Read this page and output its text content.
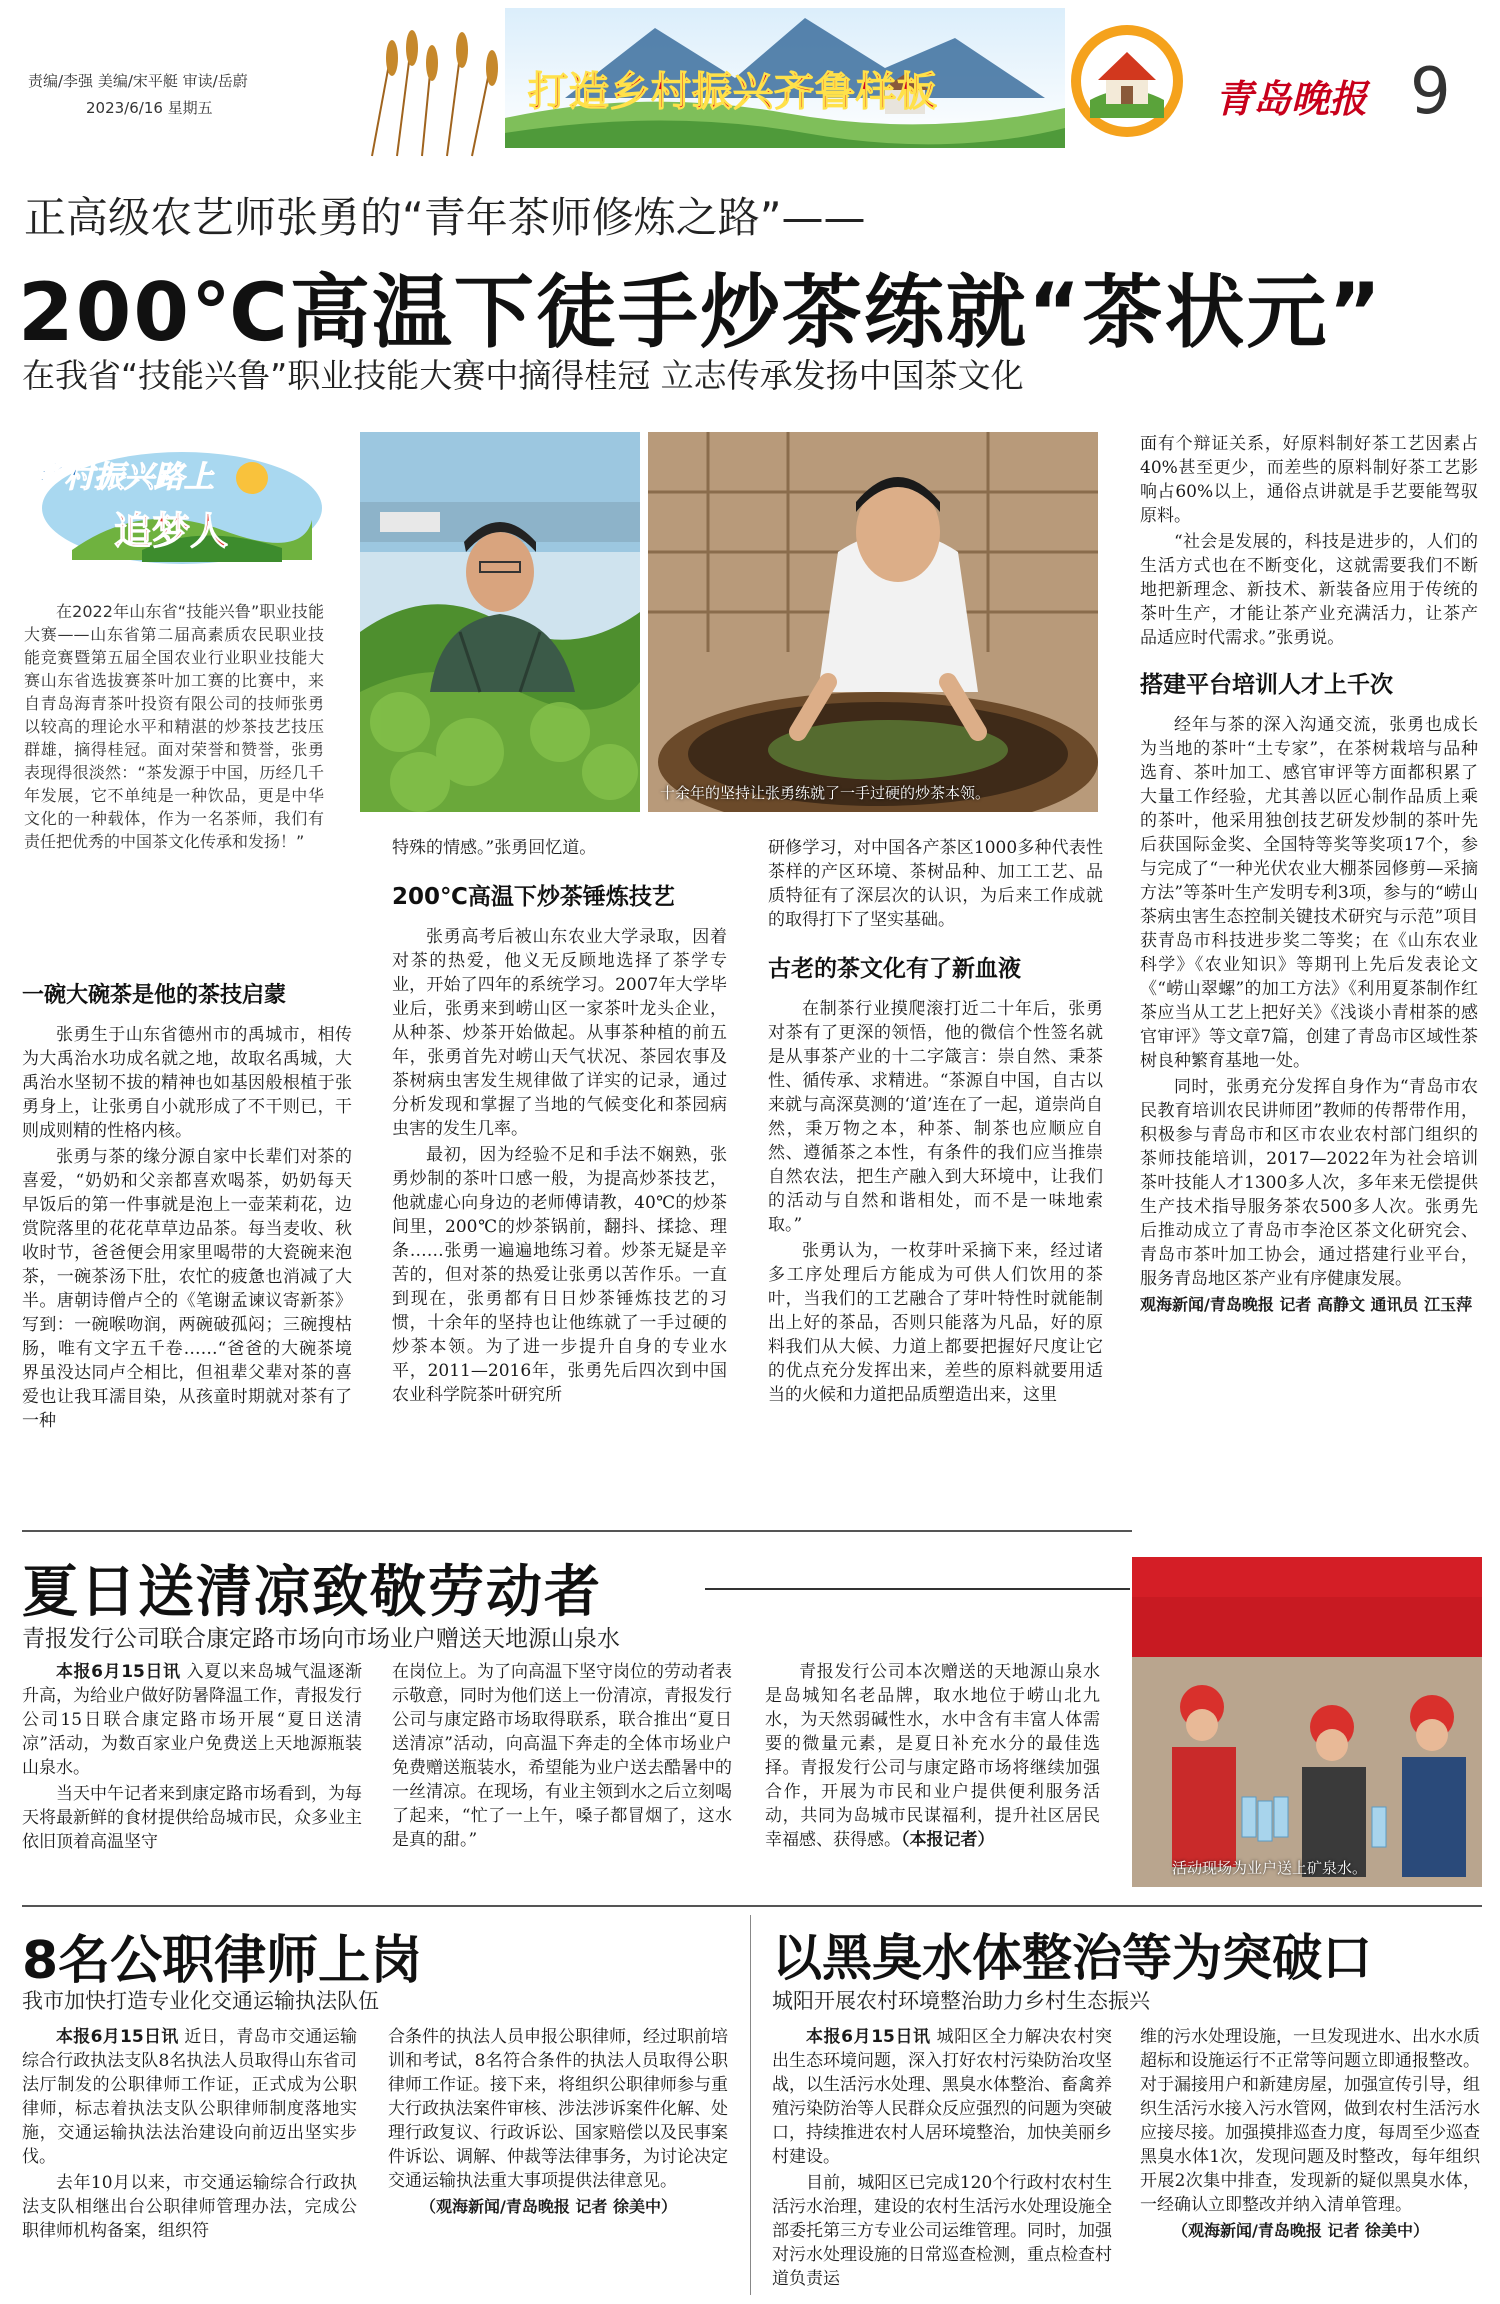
责编/李强 美编/宋平艇 审读/岳蔚
2023/6/16 星期五	打造乡村振兴齐鲁样板	青岛晚报 9
正高级农艺师张勇的“青年茶师修炼之路”——
200℃高温下徒手炒茶练就“茶状元”
在我省“技能兴鲁”职业技能大赛中摘得桂冠 立志传承发扬中国茶文化
乡村振兴路上
追梦人
在2022年山东省“技能兴鲁”职业技能大赛——山东省第二届高素质农民职业技能竞赛暨第五届全国农业行业职业技能大赛山东省选拔赛茶叶加工赛的比赛中，来自青岛海青茶叶投资有限公司的技师张勇以较高的理论水平和精湛的炒茶技艺技压群雄，摘得桂冠。面对荣誉和赞誉，张勇表现得很淡然：“茶发源于中国，历经几千年发展，它不单纯是一种饮品，更是中华文化的一种载体，作为一名茶师，我们有责任把优秀的中国茶文化传承和发扬！”
十余年的坚持让张勇练就了一手过硬的炒茶本领。
一碗大碗茶是他的茶技启蒙
张勇生于山东省德州市的禹城市，相传为大禹治水功成名就之地，故取名禹城，大禹治水坚韧不拔的精神也如基因般根植于张勇身上，让张勇自小就形成了不干则已，干则成则精的性格内核。
张勇与茶的缘分源自家中长辈们对茶的喜爱，“奶奶和父亲都喜欢喝茶，奶奶每天早饭后的第一件事就是泡上一壶茉莉花，边赏院落里的花花草草边品茶。每当麦收、秋收时节，爸爸便会用家里喝带的大瓷碗来泡茶，一碗茶汤下肚，农忙的疲惫也消减了大半。唐朝诗僧卢仝的《笔谢孟谏议寄新茶》写到：一碗喉吻润，两碗破孤闷；三碗搜枯肠，唯有文字五千卷……“爸爸的大碗茶境界虽没达同卢仝相比，但祖辈父辈对茶的喜爱也让我耳濡目染，从孩童时期就对茶有了一种
特殊的情感。”张勇回忆道。
200℃高温下炒茶锤炼技艺
张勇高考后被山东农业大学录取，因着对茶的热爱，他义无反顾地选择了茶学专业，开始了四年的系统学习。2007年大学毕业后，张勇来到崂山区一家茶叶龙头企业，从种茶、炒茶开始做起。从事茶种植的前五年，张勇首先对崂山天气状况、茶园农事及茶树病虫害发生规律做了详实的记录，通过分析发现和掌握了当地的气候变化和茶园病虫害的发生几率。
最初，因为经验不足和手法不娴熟，张勇炒制的茶叶口感一般，为提高炒茶技艺，他就虚心向身边的老师傅请教，40℃的炒茶间里，200℃的炒茶锅前，翻抖、揉捻、理条……张勇一遍遍地练习着。炒茶无疑是辛苦的，但对茶的热爱让张勇以苦作乐。一直到现在，张勇都有日日炒茶锤炼技艺的习惯，十余年的坚持也让他练就了一手过硬的炒茶本领。为了进一步提升自身的专业水平，2011—2016年，张勇先后四次到中国农业科学院茶叶研究所
研修学习，对中国各产茶区1000多种代表性茶样的产区环境、茶树品种、加工工艺、品质特征有了深层次的认识，为后来工作成就的取得打下了坚实基础。
古老的茶文化有了新血液
在制茶行业摸爬滚打近二十年后，张勇对茶有了更深的领悟，他的微信个性签名就是从事茶产业的十二字箴言：崇自然、秉茶性、循传承、求精进。“茶源自中国，自古以来就与高深莫测的‘道’连在了一起，道崇尚自然，秉万物之本，种茶、制茶也应顺应自然、遵循茶之本性，有条件的我们应当推崇自然农法，把生产融入到大环境中，让我们的活动与自然和谐相处，而不是一味地索取。”
张勇认为，一枚芽叶采摘下来，经过诸多工序处理后方能成为可供人们饮用的茶叶，当我们的工艺融合了芽叶特性时就能制出上好的茶品，否则只能落为凡品，好的原料我们从大候、力道上都要把握好尺度让它的优点充分发挥出来，差些的原料就要用适当的火候和力道把品质塑造出来，这里
面有个辩证关系，好原料制好茶工艺因素占40%甚至更少，而差些的原料制好茶工艺影响占60%以上，通俗点讲就是手艺要能驾驭原料。
“社会是发展的，科技是进步的，人们的生活方式也在不断变化，这就需要我们不断地把新理念、新技术、新装备应用于传统的茶叶生产，才能让茶产业充满活力，让茶产品适应时代需求。”张勇说。
搭建平台培训人才上千次
经年与茶的深入沟通交流，张勇也成长为当地的茶叶“土专家”，在茶树栽培与品种选育、茶叶加工、感官审评等方面都积累了大量工作经验，尤其善以匠心制作品质上乘的茶叶，他采用独创技艺研发炒制的茶叶先后获国际金奖、全国特等奖等奖项17个，参与完成了“一种光伏农业大棚茶园修剪—采摘方法”等茶叶生产发明专利3项，参与的“崂山茶病虫害生态控制关键技术研究与示范”项目获青岛市科技进步奖二等奖；在《山东农业科学》《农业知识》等期刊上先后发表论文《“崂山翠螺”的加工方法》《利用夏茶制作红茶应当从工艺上把好关》《浅谈小青柑茶的感官审评》等文章7篇，创建了青岛市区域性茶树良种繁育基地一处。
同时，张勇充分发挥自身作为“青岛市农民教育培训农民讲师团”教师的传帮带作用，积极参与青岛市和区市农业农村部门组织的茶师技能培训，2017—2022年为社会培训茶叶技能人才1300多人次，多年来无偿提供生产技术指导服务茶农500多人次。张勇先后推动成立了青岛市李沧区茶文化研究会、青岛市茶叶加工协会，通过搭建行业平台，服务青岛地区茶产业有序健康发展。
观海新闻/青岛晚报 记者 高静文 通讯员 江玉萍
夏日送清凉致敬劳动者
青报发行公司联合康定路市场向市场业户赠送天地源山泉水
本报6月15日讯 入夏以来岛城气温逐渐升高，为给业户做好防暑降温工作，青报发行公司15日联合康定路市场开展“夏日送清凉”活动，为数百家业户免费送上天地源瓶装山泉水。
当天中午记者来到康定路市场看到，为每天将最新鲜的食材提供给岛城市民，众多业主依旧顶着高温坚守
在岗位上。为了向高温下坚守岗位的劳动者表示敬意，同时为他们送上一份清凉，青报发行公司与康定路市场取得联系，联合推出“夏日送清凉”活动，向高温下奔走的全体市场业户免费赠送瓶装水，希望能为业户送去酷暑中的一丝清凉。在现场，有业主领到水之后立刻喝了起来，“忙了一上午，嗓子都冒烟了，这水是真的甜。”
青报发行公司本次赠送的天地源山泉水是岛城知名老品牌，取水地位于崂山北九水，为天然弱碱性水，水中含有丰富人体需要的微量元素，是夏日补充水分的最佳选择。青报发行公司与康定路市场将继续加强合作，开展为市民和业户提供便利服务活动，共同为岛城市民谋福利，提升社区居民幸福感、获得感。（本报记者）
活动现场为业户送上矿泉水。
8名公职律师上岗
我市加快打造专业化交通运输执法队伍
本报6月15日讯 近日，青岛市交通运输综合行政执法支队8名执法人员取得山东省司法厅制发的公职律师工作证，正式成为公职律师，标志着执法支队公职律师制度落地实施，交通运输执法法治建设向前迈出坚实步伐。
去年10月以来，市交通运输综合行政执法支队相继出台公职律师管理办法，完成公职律师机构备案，组织符
合条件的执法人员申报公职律师，经过职前培训和考试，8名符合条件的执法人员取得公职律师工作证。接下来，将组织公职律师参与重大行政执法案件审核、涉法涉诉案件化解、处理行政复议、行政诉讼、国家赔偿以及民事案件诉讼、调解、仲裁等法律事务，为讨论决定交通运输执法重大事项提供法律意见。
（观海新闻/青岛晚报 记者 徐美中）
以黑臭水体整治等为突破口
城阳开展农村环境整治助力乡村生态振兴
本报6月15日讯 城阳区全力解决农村突出生态环境问题，深入打好农村污染防治攻坚战，以生活污水处理、黑臭水体整治、畜禽养殖污染防治等人民群众反应强烈的问题为突破口，持续推进农村人居环境整治，加快美丽乡村建设。
目前，城阳区已完成120个行政村农村生活污水治理，建设的农村生活污水处理设施全部委托第三方专业公司运维管理。同时，加强对污水处理设施的日常巡查检测，重点检查村道负责运
维的污水处理设施，一旦发现进水、出水水质超标和设施运行不正常等问题立即通报整改。对于漏接用户和新建房屋，加强宣传引导，组织生活污水接入污水管网，做到农村生活污水应接尽接。加强摸排巡查力度，每周至少巡查黑臭水体1次，发现问题及时整改，每年组织开展2次集中排查，发现新的疑似黑臭水体，一经确认立即整改并纳入清单管理。
（观海新闻/青岛晚报 记者 徐美中）
